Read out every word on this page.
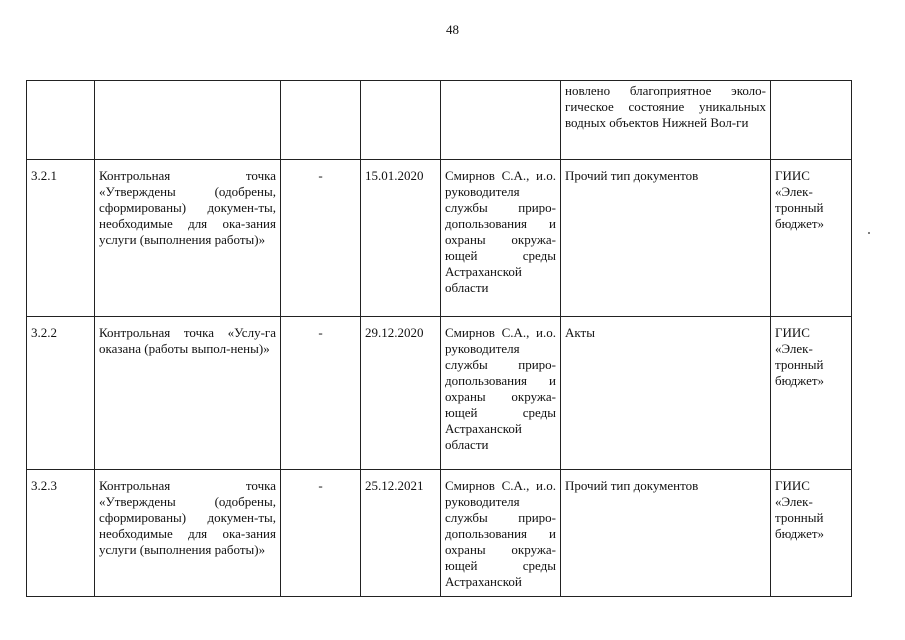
48
					новлено благоприятное эколо-гическое состояние уникальных водных объектов Нижней Вол-ги	
3.2.1	Контрольная точка «Утверждены (одобрены, сформированы) докумен-ты, необходимые для ока-зания услуги (выполнения работы)»	-	15.01.2020	Смирнов С.А., и.о. руководителя службы приро-допользования и охраны окружа-ющей среды Астраханской области	Прочий тип документов	ГИИС «Элек-тронный бюджет»
3.2.2	Контрольная точка «Услу-га оказана (работы выпол-нены)»	-	29.12.2020	Смирнов С.А., и.о. руководителя службы приро-допользования и охраны окружа-ющей среды Астраханской области	Акты	ГИИС «Элек-тронный бюджет»
3.2.3	Контрольная точка «Утверждены (одобрены, сформированы) докумен-ты, необходимые для ока-зания услуги (выполнения работы)»	-	25.12.2021	Смирнов С.А., и.о. руководителя службы приро-допользования и охраны окружа-ющей среды Астраханской	Прочий тип документов	ГИИС «Элек-тронный бюджет»
